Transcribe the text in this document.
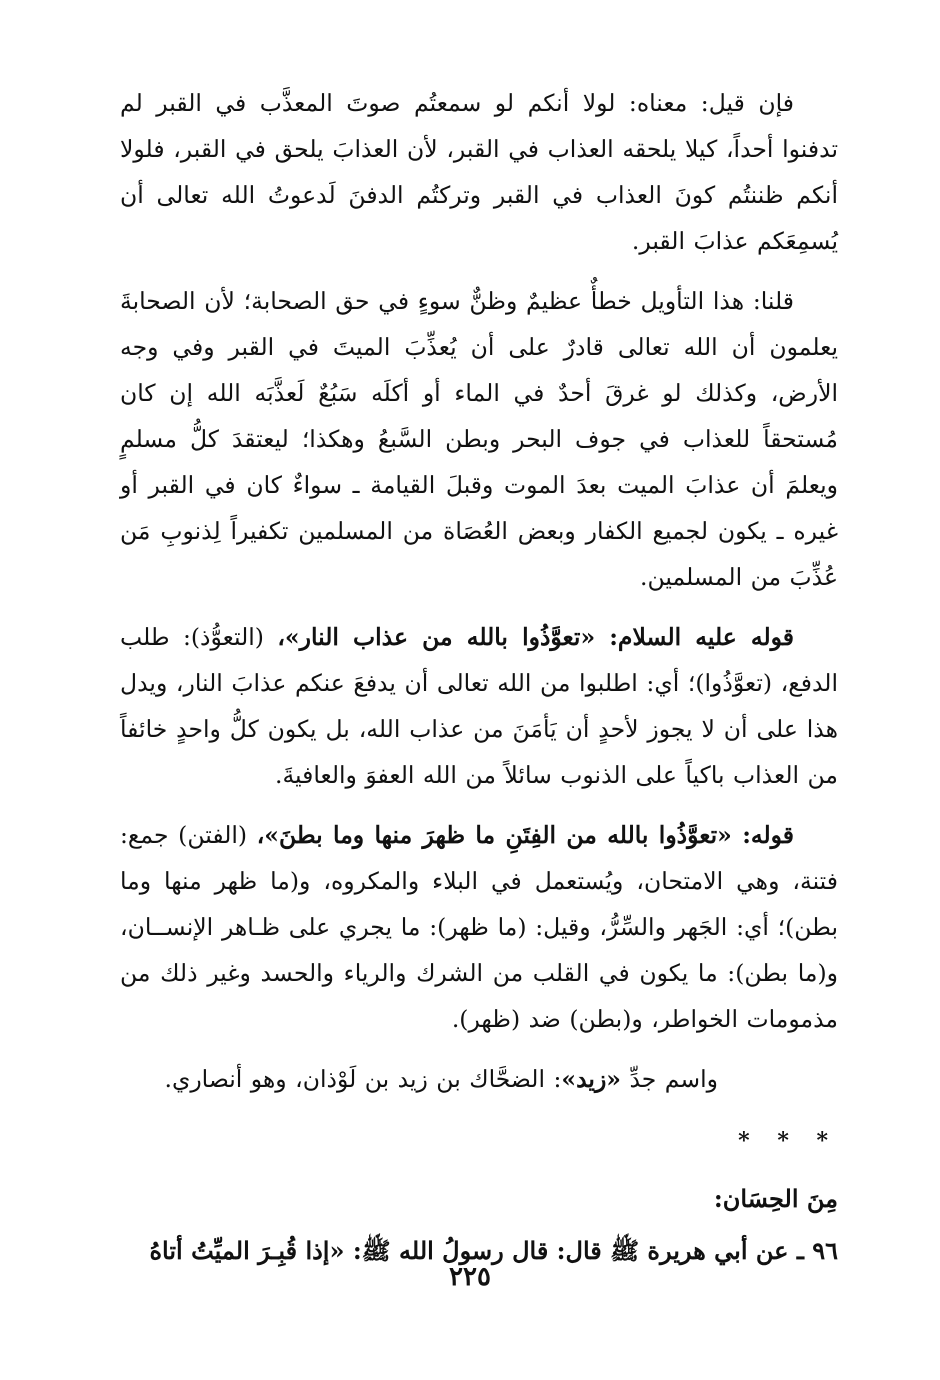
فإن قيل: معناه: لولا أنكم لو سمعتُم صوتَ المعذَّب في القبر لم تدفنوا أحداً، كيلا يلحقه العذاب في القبر، لأن العذابَ يلحق في القبر، فلولا أنكم ظننتُم كونَ العذاب في القبر وتركتُم الدفنَ لَدعوتُ الله تعالى أن يُسمِعَكم عذابَ القبر.

قلنا: هذا التأويل خطأٌ عظيمٌ وظنٌّ سوءٍ في حق الصحابة؛ لأن الصحابةَ يعلمون أن الله تعالى قادرٌ على أن يُعذِّبَ الميتَ في القبر وفي وجه الأرض، وكذلك لو غرقَ أحدٌ في الماء أو أكلَه سَبُعٌ لَعذَّبَه الله إن كان مُستحقاً للعذاب في جوف البحر وبطن السَّبعُ وهكذا؛ ليعتقدَ كلُّ مسلمٍ ويعلمَ أن عذابَ الميت بعدَ الموت وقبلَ القيامة ـ سواءٌ كان في القبر أو غيره ـ يكون لجميع الكفار وبعض العُصَاة من المسلمين تكفيراً لِذنوبِ مَن عُذِّبَ من المسلمين.

قوله عليه السلام: «تعوَّذُوا بالله من عذاب النار»، (التعوُّذ): طلب الدفع، (تعوَّذُوا)؛ أي: اطلبوا من الله تعالى أن يدفعَ عنكم عذابَ النار، ويدل هذا على أن لا يجوز لأحدٍ أن يَأمَنَ من عذاب الله، بل يكون كلُّ واحدٍ خائفاً من العذاب باكياً على الذنوب سائلاً من الله العفوَ والعافيةَ.

قوله: «تعوَّذُوا بالله من الفِتَنِ ما ظهرَ منها وما بطنَ»، (الفتن) جمع: فتنة، وهي الامتحان، ويُستعمل في البلاء والمكروه، و(ما ظهر منها وما بطن)؛ أي: الجَهر والسِّرُّ، وقيل: (ما ظهر): ما يجري على ظـاهر الإنســان، و(ما بطن): ما يكون في القلب من الشرك والرياء والحسد وغير ذلك من مذمومات الخواطر، و(بطن) ضد (ظهر).

واسم جدِّ «زيد»: الضحَّاك بن زيد بن لَوْذان، وهو أنصاري.

* * *
مِنَ الحِسَان:

٩٦ ـ عن أبي هريرة ﷺ قال: قال رسولُ الله ﷺ: «إذا قُبِـرَ الميِّتُ أتاهُ

٢٢٥
